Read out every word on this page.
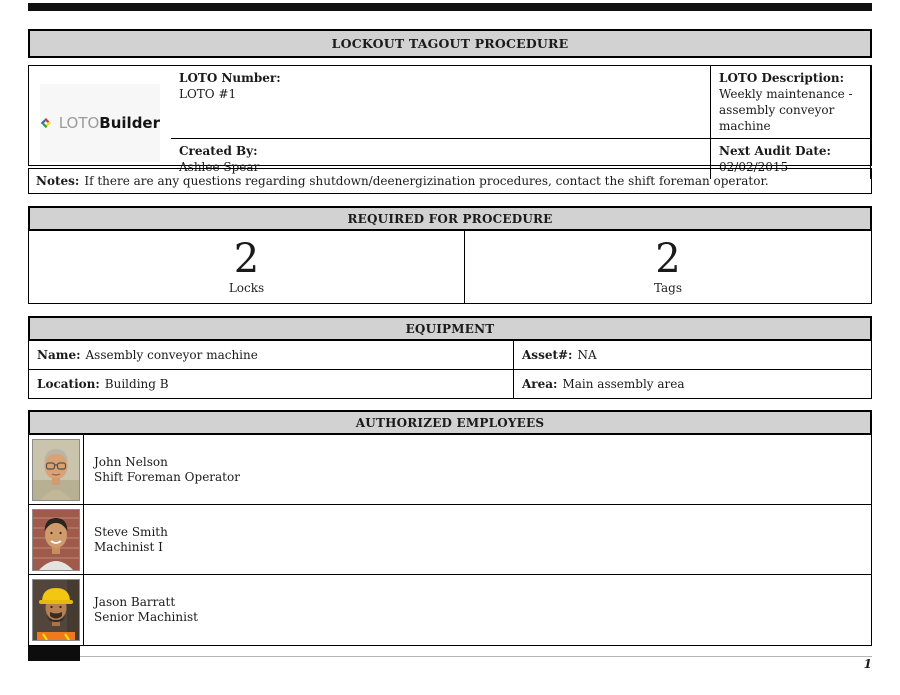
LOCKOUT TAGOUT PROCEDURE
LOTO Number:
LOTO #1
LOTO Description:
Weekly maintenance - assembly conveyor machine
LOTOBuilder
Created By:
Ashlee Spear
Next Audit Date:
02/02/2015
Notes: If there are any questions regarding shutdown/deenergizination procedures, contact the shift foreman operator.
REQUIRED FOR PROCEDURE
2
Locks
2
Tags
EQUIPMENT
Name: Assembly conveyor machine	Asset#: NA
Location: Building B	Area: Main assembly area
AUTHORIZED EMPLOYEES
John Nelson
Shift Foreman Operator
Steve Smith
Machinist I
Jason Barratt
Senior Machinist
1
